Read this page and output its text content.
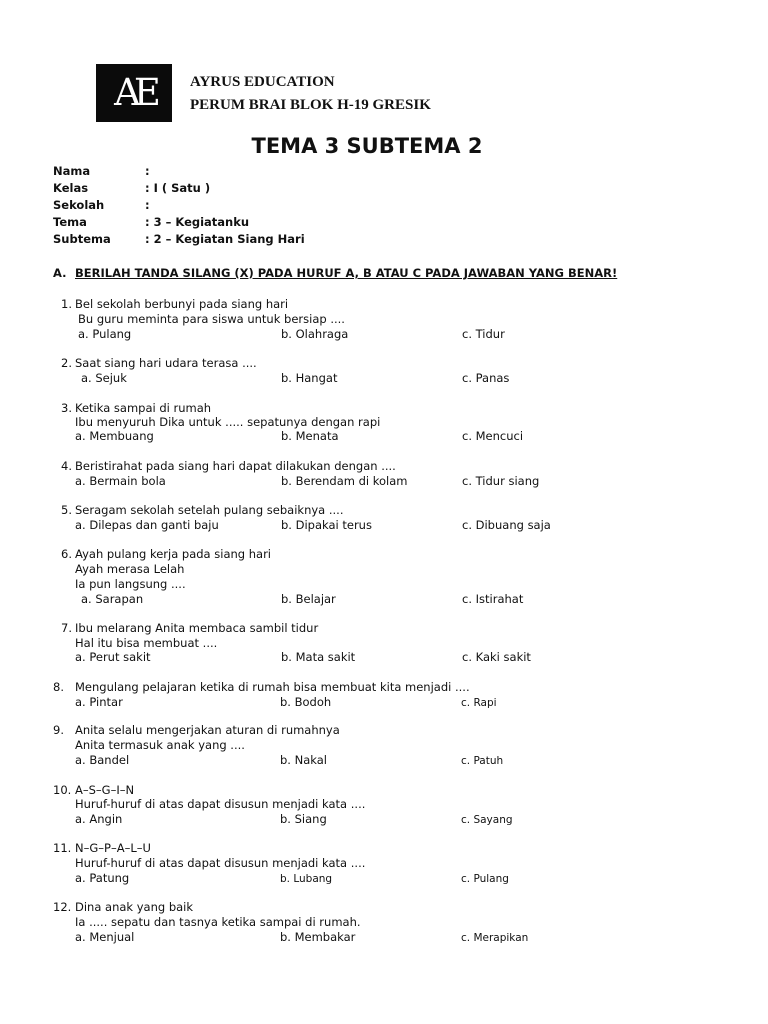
AE	AYRUS EDUCATION
PERUM BRAI BLOK H-19 GRESIK
TEMA 3 SUBTEMA 2
Nama	:
Kelas	: I ( Satu )
Sekolah	:
Tema	: 3 – Kegiatanku
Subtema	: 2 – Kegiatan Siang Hari
A. BERILAH TANDA SILANG (X) PADA HURUF A, B ATAU C PADA JAWABAN YANG BENAR!
1. Bel sekolah berbunyi pada siang hari
Bu guru meminta para siswa untuk bersiap ....
a. Pulang	b. Olahraga	c. Tidur
2. Saat siang hari udara terasa ....
a. Sejuk	b. Hangat	c. Panas
3. Ketika sampai di rumah
Ibu menyuruh Dika untuk ..... sepatunya dengan rapi
a. Membuang	b. Menata	c. Mencuci
4. Beristirahat pada siang hari dapat dilakukan dengan ....
a. Bermain bola	b. Berendam di kolam	c. Tidur siang
5. Seragam sekolah setelah pulang sebaiknya ....
a. Dilepas dan ganti baju	b. Dipakai terus	c. Dibuang saja
6. Ayah pulang kerja pada siang hari
Ayah merasa Lelah
Ia pun langsung ....
a. Sarapan	b. Belajar	c. Istirahat
7. Ibu melarang Anita membaca sambil tidur
Hal itu bisa membuat ....
a. Perut sakit	b. Mata sakit	c. Kaki sakit
8. Mengulang pelajaran ketika di rumah bisa membuat kita menjadi ....
a. Pintar	b. Bodoh	c. Rapi
9. Anita selalu mengerjakan aturan di rumahnya
Anita termasuk anak yang ....
a. Bandel	b. Nakal	c. Patuh
10. A–S–G–I–N
Huruf-huruf di atas dapat disusun menjadi kata ....
a. Angin	b. Siang	c. Sayang
11. N–G–P–A–L–U
Huruf-huruf di atas dapat disusun menjadi kata ....
a. Patung	b. Lubang	c. Pulang
12. Dina anak yang baik
Ia ..... sepatu dan tasnya ketika sampai di rumah.
a. Menjual	b. Membakar	c. Merapikan
